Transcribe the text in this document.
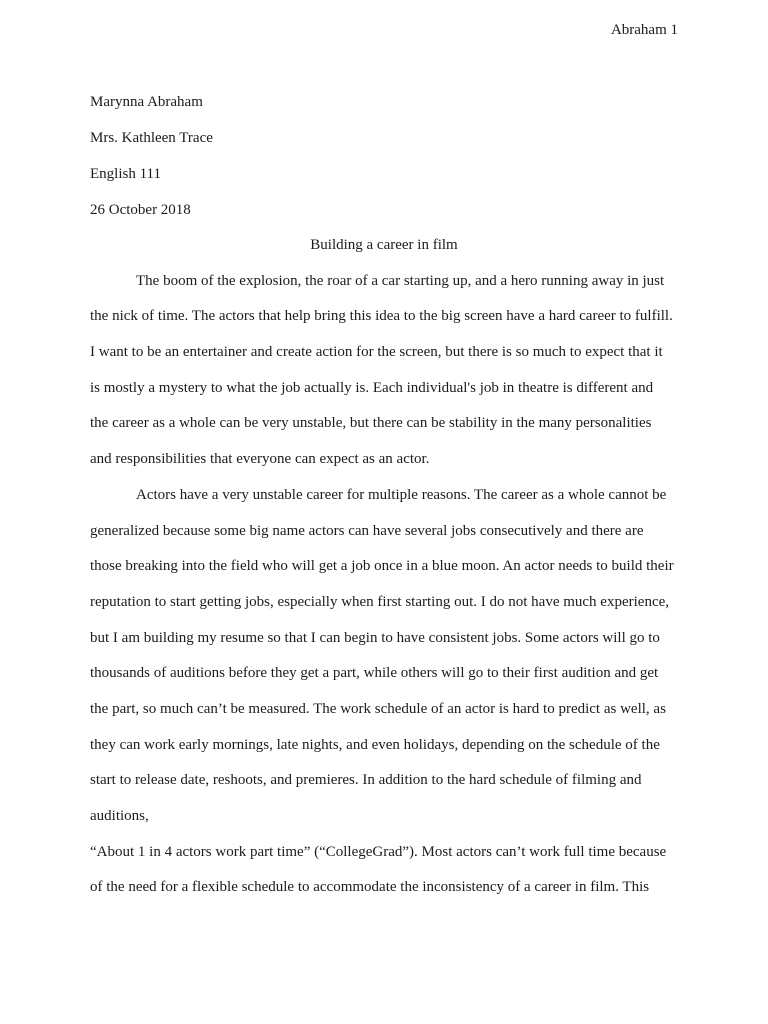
Abraham 1
Marynna Abraham
Mrs. Kathleen Trace
English 111
26 October 2018
Building a career in film
The boom of the explosion, the roar of a car starting up, and a hero running away in just
the nick of time. The actors that help bring this idea to the big screen have a hard career to fulfill.
I want to be an entertainer and create action for the screen, but there is so much to expect that it
is mostly a mystery to what the job actually is. Each individual's job in theatre is different and
the career as a whole can be very unstable, but there can be stability in the many personalities
and responsibilities that everyone can expect as an actor.
Actors have a very unstable career for multiple reasons. The career as a whole cannot be
generalized because some big name actors can have several jobs consecutively and there are
those breaking into the field who will get a job once in a blue moon. An actor needs to build their
reputation to start getting jobs, especially when first starting out. I do not have much experience,
but I am building my resume so that I can begin to have consistent jobs. Some actors will go to
thousands of auditions before they get a part, while others will go to their first audition and get
the part, so much can’t be measured. The work schedule of an actor is hard to predict as well, as
they can work early mornings, late nights, and even holidays, depending on the schedule of the
start to release date, reshoots, and premieres. In addition to the hard schedule of filming and
auditions,
“About 1 in 4 actors work part time” (“CollegeGrad”). Most actors can’t work full time because
of the need for a flexible schedule to accommodate the inconsistency of a career in film. This
